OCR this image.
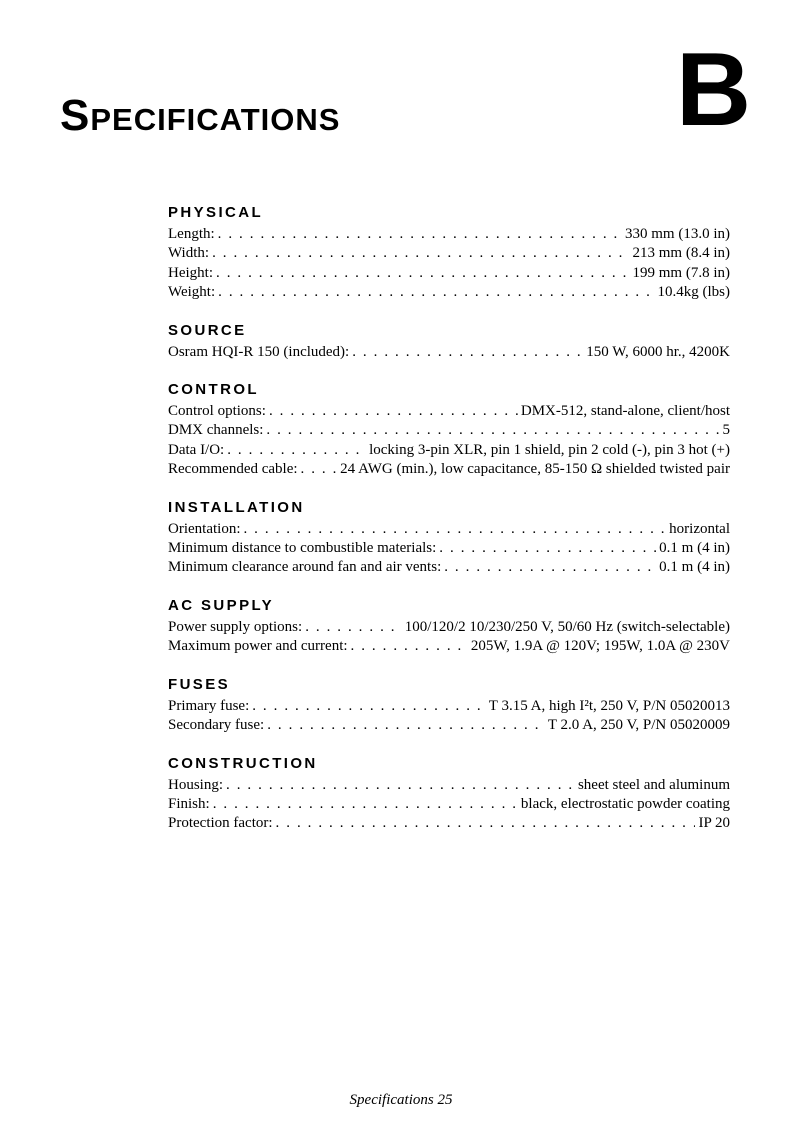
Specifications	B
PHYSICAL
Length: . . .	330 mm (13.0 in)
Width: . . .	213 mm (8.4 in)
Height: . . .	199 mm (7.8 in)
Weight: . . .	10.4kg (lbs)
SOURCE
Osram HQI-R 150 (included): . . .	150 W, 6000 hr., 4200K
CONTROL
Control options: . . .	DMX-512, stand-alone, client/host
DMX channels: . . .	5
Data I/O: . . .	locking 3-pin XLR, pin 1 shield, pin 2 cold (-), pin 3 hot (+)
Recommended cable: . . .	24 AWG (min.), low capacitance, 85-150 Ω shielded twisted pair
INSTALLATION
Orientation: . . .	horizontal
Minimum distance to combustible materials: . . .	0.1 m (4 in)
Minimum clearance around fan and air vents: . . .	0.1 m (4 in)
AC SUPPLY
Power supply options: . . .	100/120/2 10/230/250 V, 50/60 Hz (switch-selectable)
Maximum power and current: . . .	205W, 1.9A @ 120V; 195W, 1.0A @ 230V
FUSES
Primary fuse: . . .	T 3.15 A, high I²t, 250 V, P/N 05020013
Secondary fuse: . . .	T 2.0 A, 250 V, P/N 05020009
CONSTRUCTION
Housing: . . .	sheet steel and aluminum
Finish: . . .	black, electrostatic powder coating
Protection factor: . . .	IP 20
Specifications 25
